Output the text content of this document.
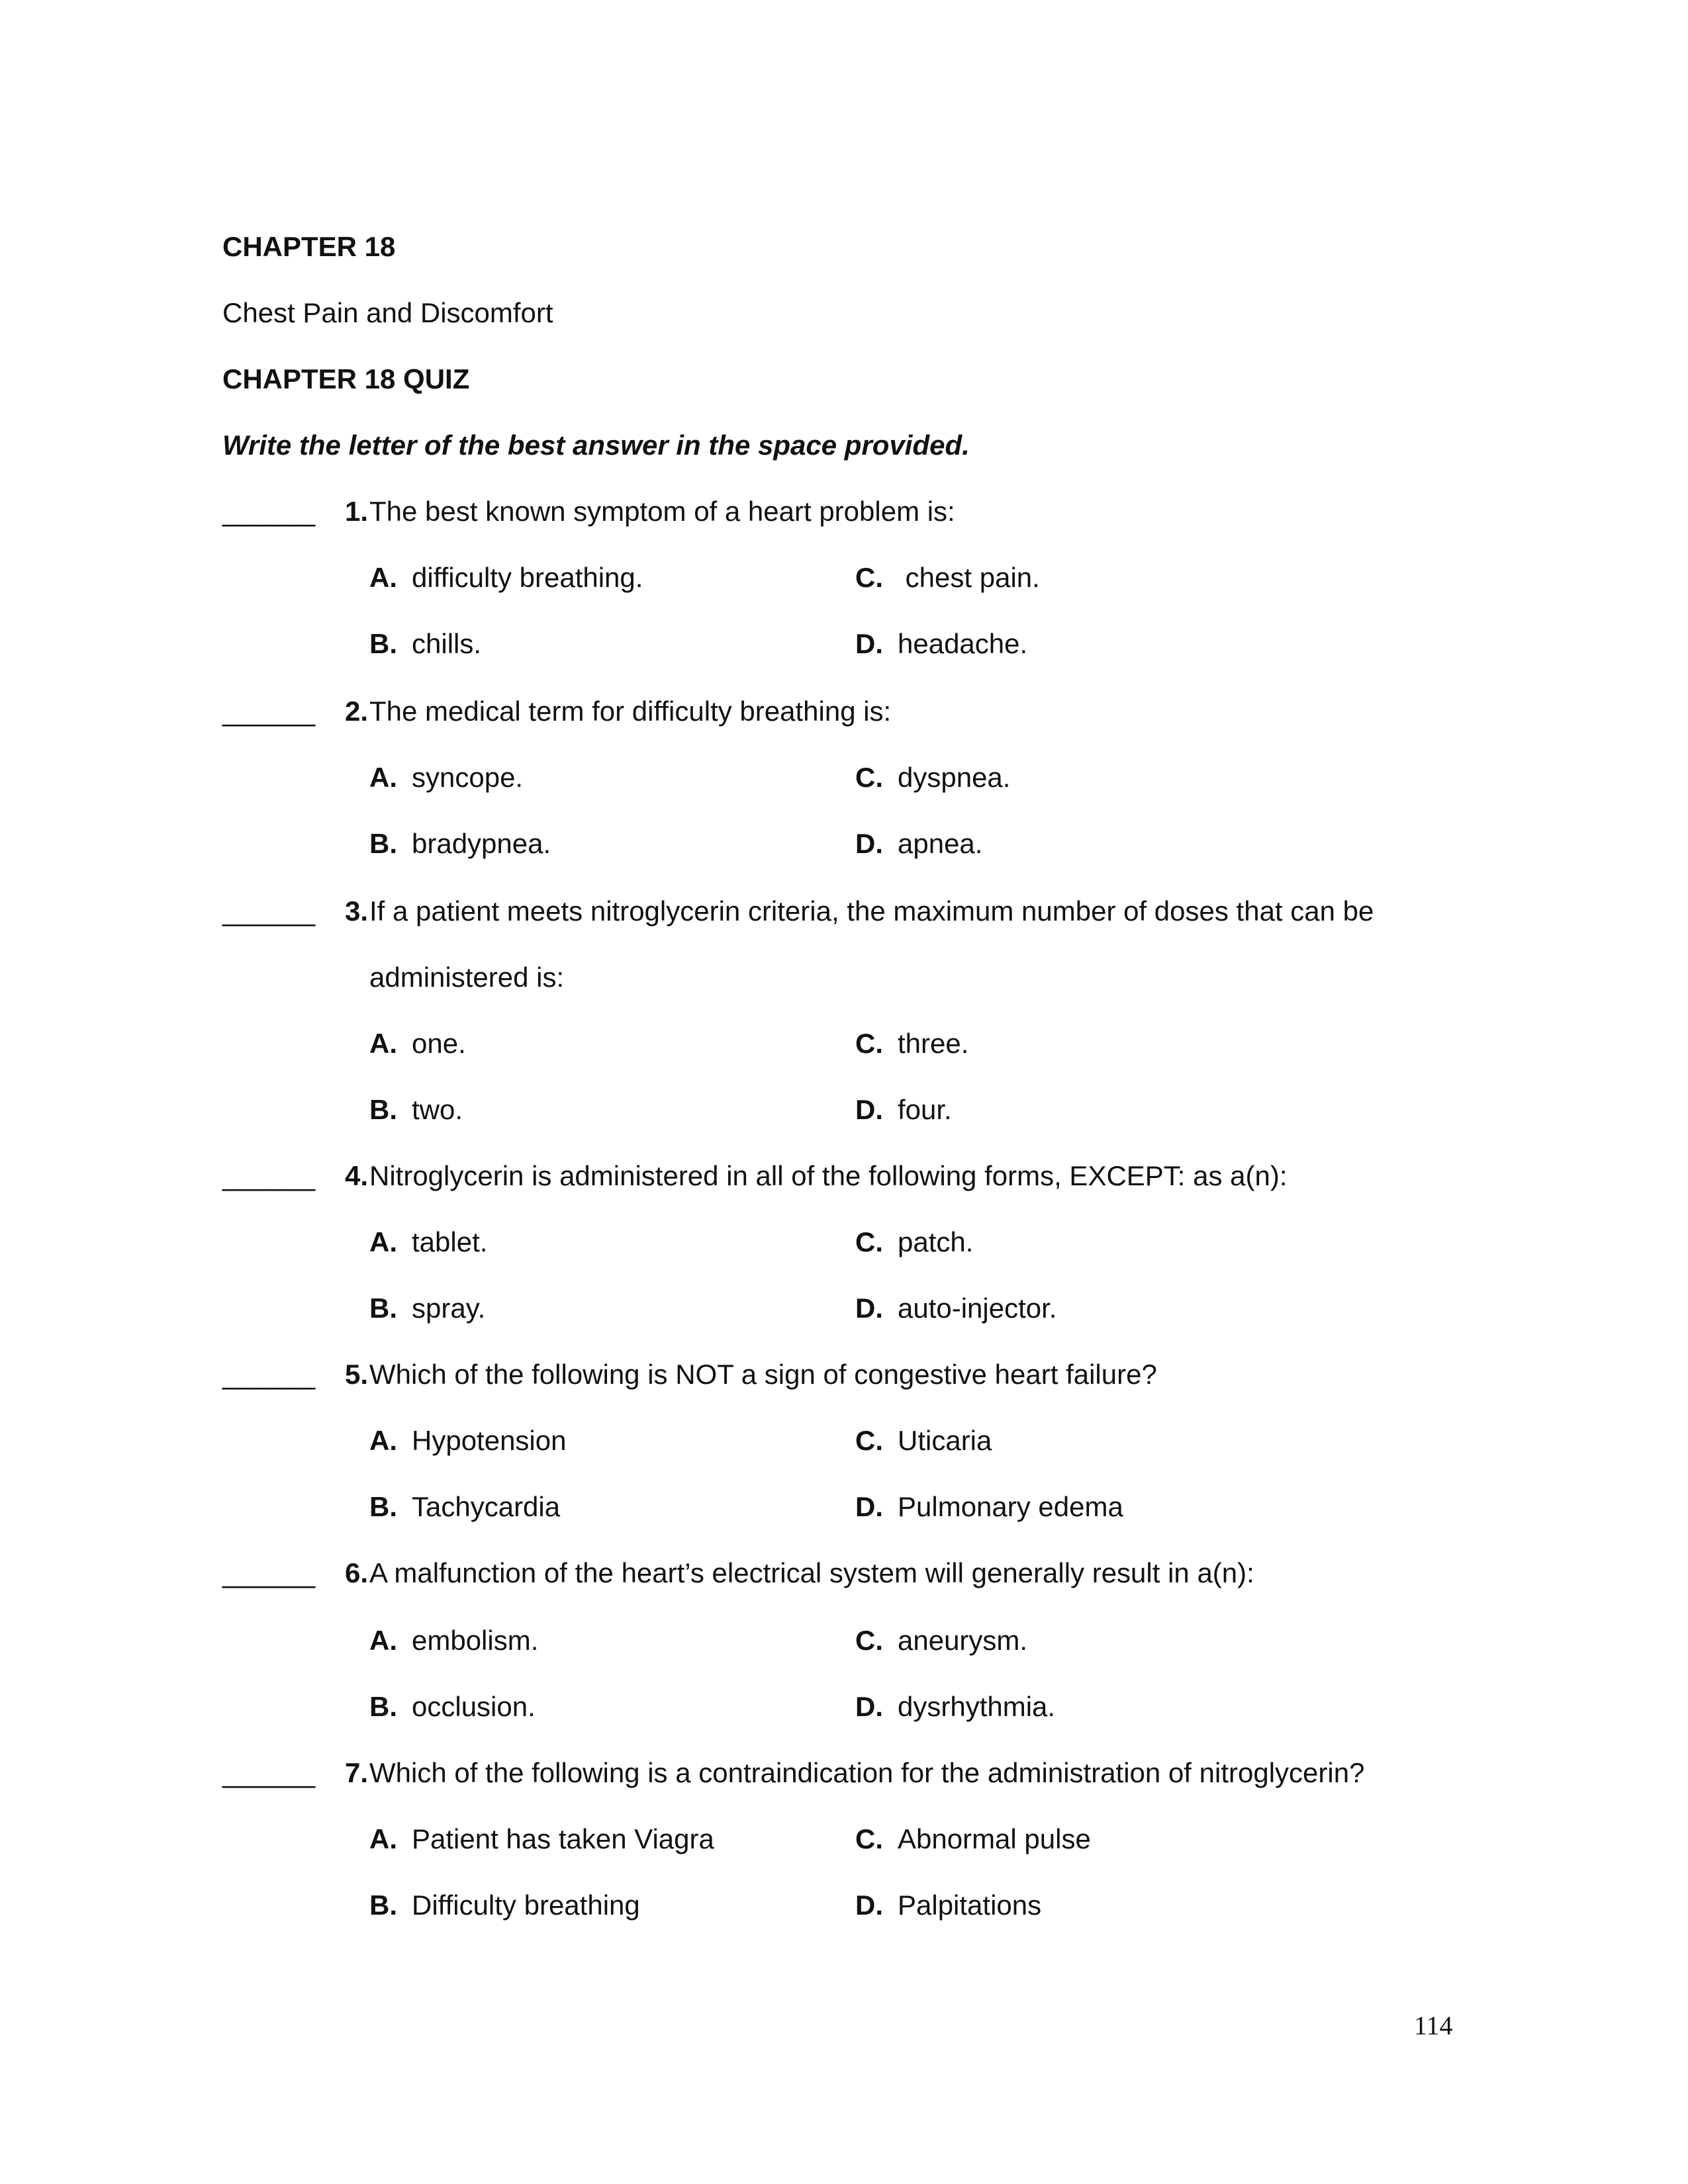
CHAPTER 18
Chest Pain and Discomfort
CHAPTER 18 QUIZ
Write the letter of the best answer in the space provided.
______	1. The best known symptom of a heart problem is:
A. difficulty breathing.	C. chest pain.
B. chills.	D. headache.
______	2. The medical term for difficulty breathing is:
A. syncope.	C. dyspnea.
B. bradypnea.	D. apnea.
______	3. If a patient meets nitroglycerin criteria, the maximum number of doses that can be
administered is:
A. one.	C. three.
B. two.	D. four.
______	4. Nitroglycerin is administered in all of the following forms, EXCEPT: as a(n):
A. tablet.	C. patch.
B. spray.	D. auto-injector.
______	5. Which of the following is NOT a sign of congestive heart failure?
A. Hypotension	C. Uticaria
B. Tachycardia	D. Pulmonary edema
______	6. A malfunction of the heart’s electrical system will generally result in a(n):
A. embolism.	C. aneurysm.
B. occlusion.	D. dysrhythmia.
______	7. Which of the following is a contraindication for the administration of nitroglycerin?
A. Patient has taken Viagra	C. Abnormal pulse
B. Difficulty breathing	D. Palpitations
114
